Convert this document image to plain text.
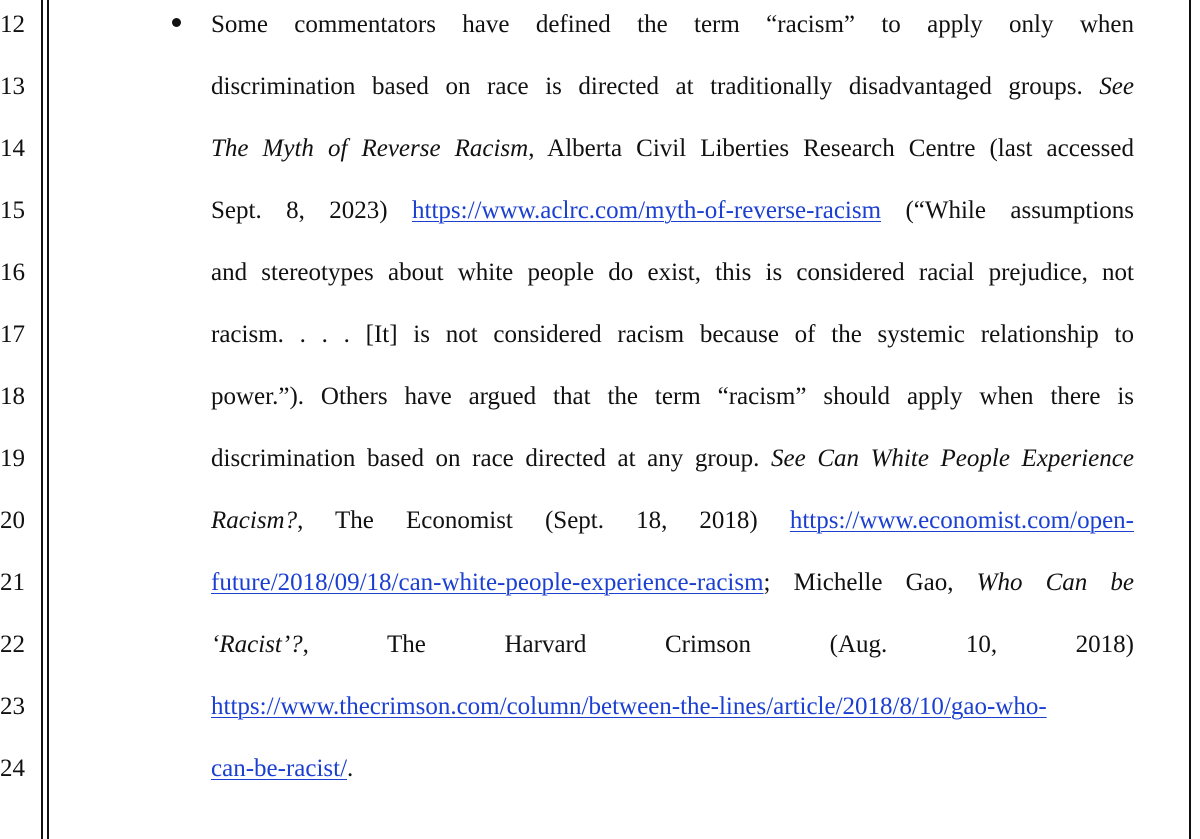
12
13
14
15
16
17
18
19
20
21
22
23
24
Some commentators have defined the term “racism” to apply only when
discrimination based on race is directed at traditionally disadvantaged groups. See
The Myth of Reverse Racism, Alberta Civil Liberties Research Centre (last accessed
Sept. 8, 2023) https://www.aclrc.com/myth-of-reverse-racism (“While assumptions
and stereotypes about white people do exist, this is considered racial prejudice, not
racism. . . . [It] is not considered racism because of the systemic relationship to
power.”). Others have argued that the term “racism” should apply when there is
discrimination based on race directed at any group. See Can White People Experience
Racism?, The Economist (Sept. 18, 2018) https://www.economist.com/open-
future/2018/09/18/can-white-people-experience-racism; Michelle Gao, Who Can be
‘Racist’?, The Harvard Crimson (Aug. 10, 2018)
https://www.thecrimson.com/column/between-the-lines/article/2018/8/10/gao-who-
can-be-racist/.
